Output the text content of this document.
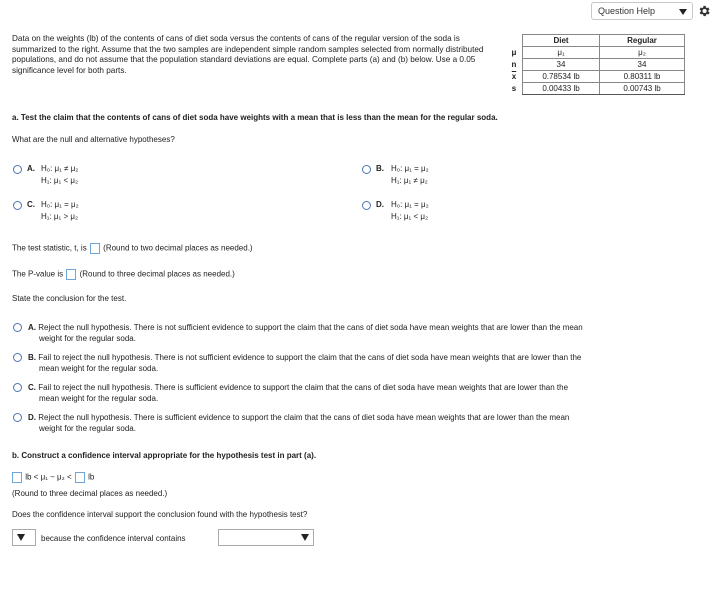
Question Help
Data on the weights (lb) of the contents of cans of diet soda versus the contents of cans of the regular version of the soda is summarized to the right. Assume that the two samples are independent simple random samples selected from normally distributed populations, and do not assume that the population standard deviations are equal. Complete parts (a) and (b) below. Use a 0.05 significance level for both parts.
	Diet	Regular
μ	μ₁	μ₂
n	34	34
$\overline{x}$	0.78534 lb	0.80311 lb
s	0.00433 lb	0.00743 lb
a. Test the claim that the contents of cans of diet soda have weights with a mean that is less than the mean for the regular soda.
What are the null and alternative hypotheses?
A. H₀: μ₁ ≠ μ₂
H₁: μ₁ < μ₂
B. H₀: μ₁ = μ₂
H₁: μ₁ ≠ μ₂
C. H₀: μ₁ = μ₂
H₁: μ₁ > μ₂
D. H₀: μ₁ = μ₂
H₁: μ₁ < μ₂
The test statistic, t, is (Round to two decimal places as needed.)
The P-value is (Round to three decimal places as needed.)
State the conclusion for the test.
A. Reject the null hypothesis. There is not sufficient evidence to support the claim that the cans of diet soda have mean weights that are lower than the mean
weight for the regular soda.
B. Fail to reject the null hypothesis. There is not sufficient evidence to support the claim that the cans of diet soda have mean weights that are lower than the
mean weight for the regular soda.
C. Fail to reject the null hypothesis. There is sufficient evidence to support the claim that the cans of diet soda have mean weights that are lower than the
mean weight for the regular soda.
D. Reject the null hypothesis. There is sufficient evidence to support the claim that the cans of diet soda have mean weights that are lower than the mean
weight for the regular soda.
b. Construct a confidence interval appropriate for the hypothesis test in part (a).
lb < μ₁ − μ₂ < lb
(Round to three decimal places as needed.)
Does the confidence interval support the conclusion found with the hypothesis test?
because the confidence interval contains
